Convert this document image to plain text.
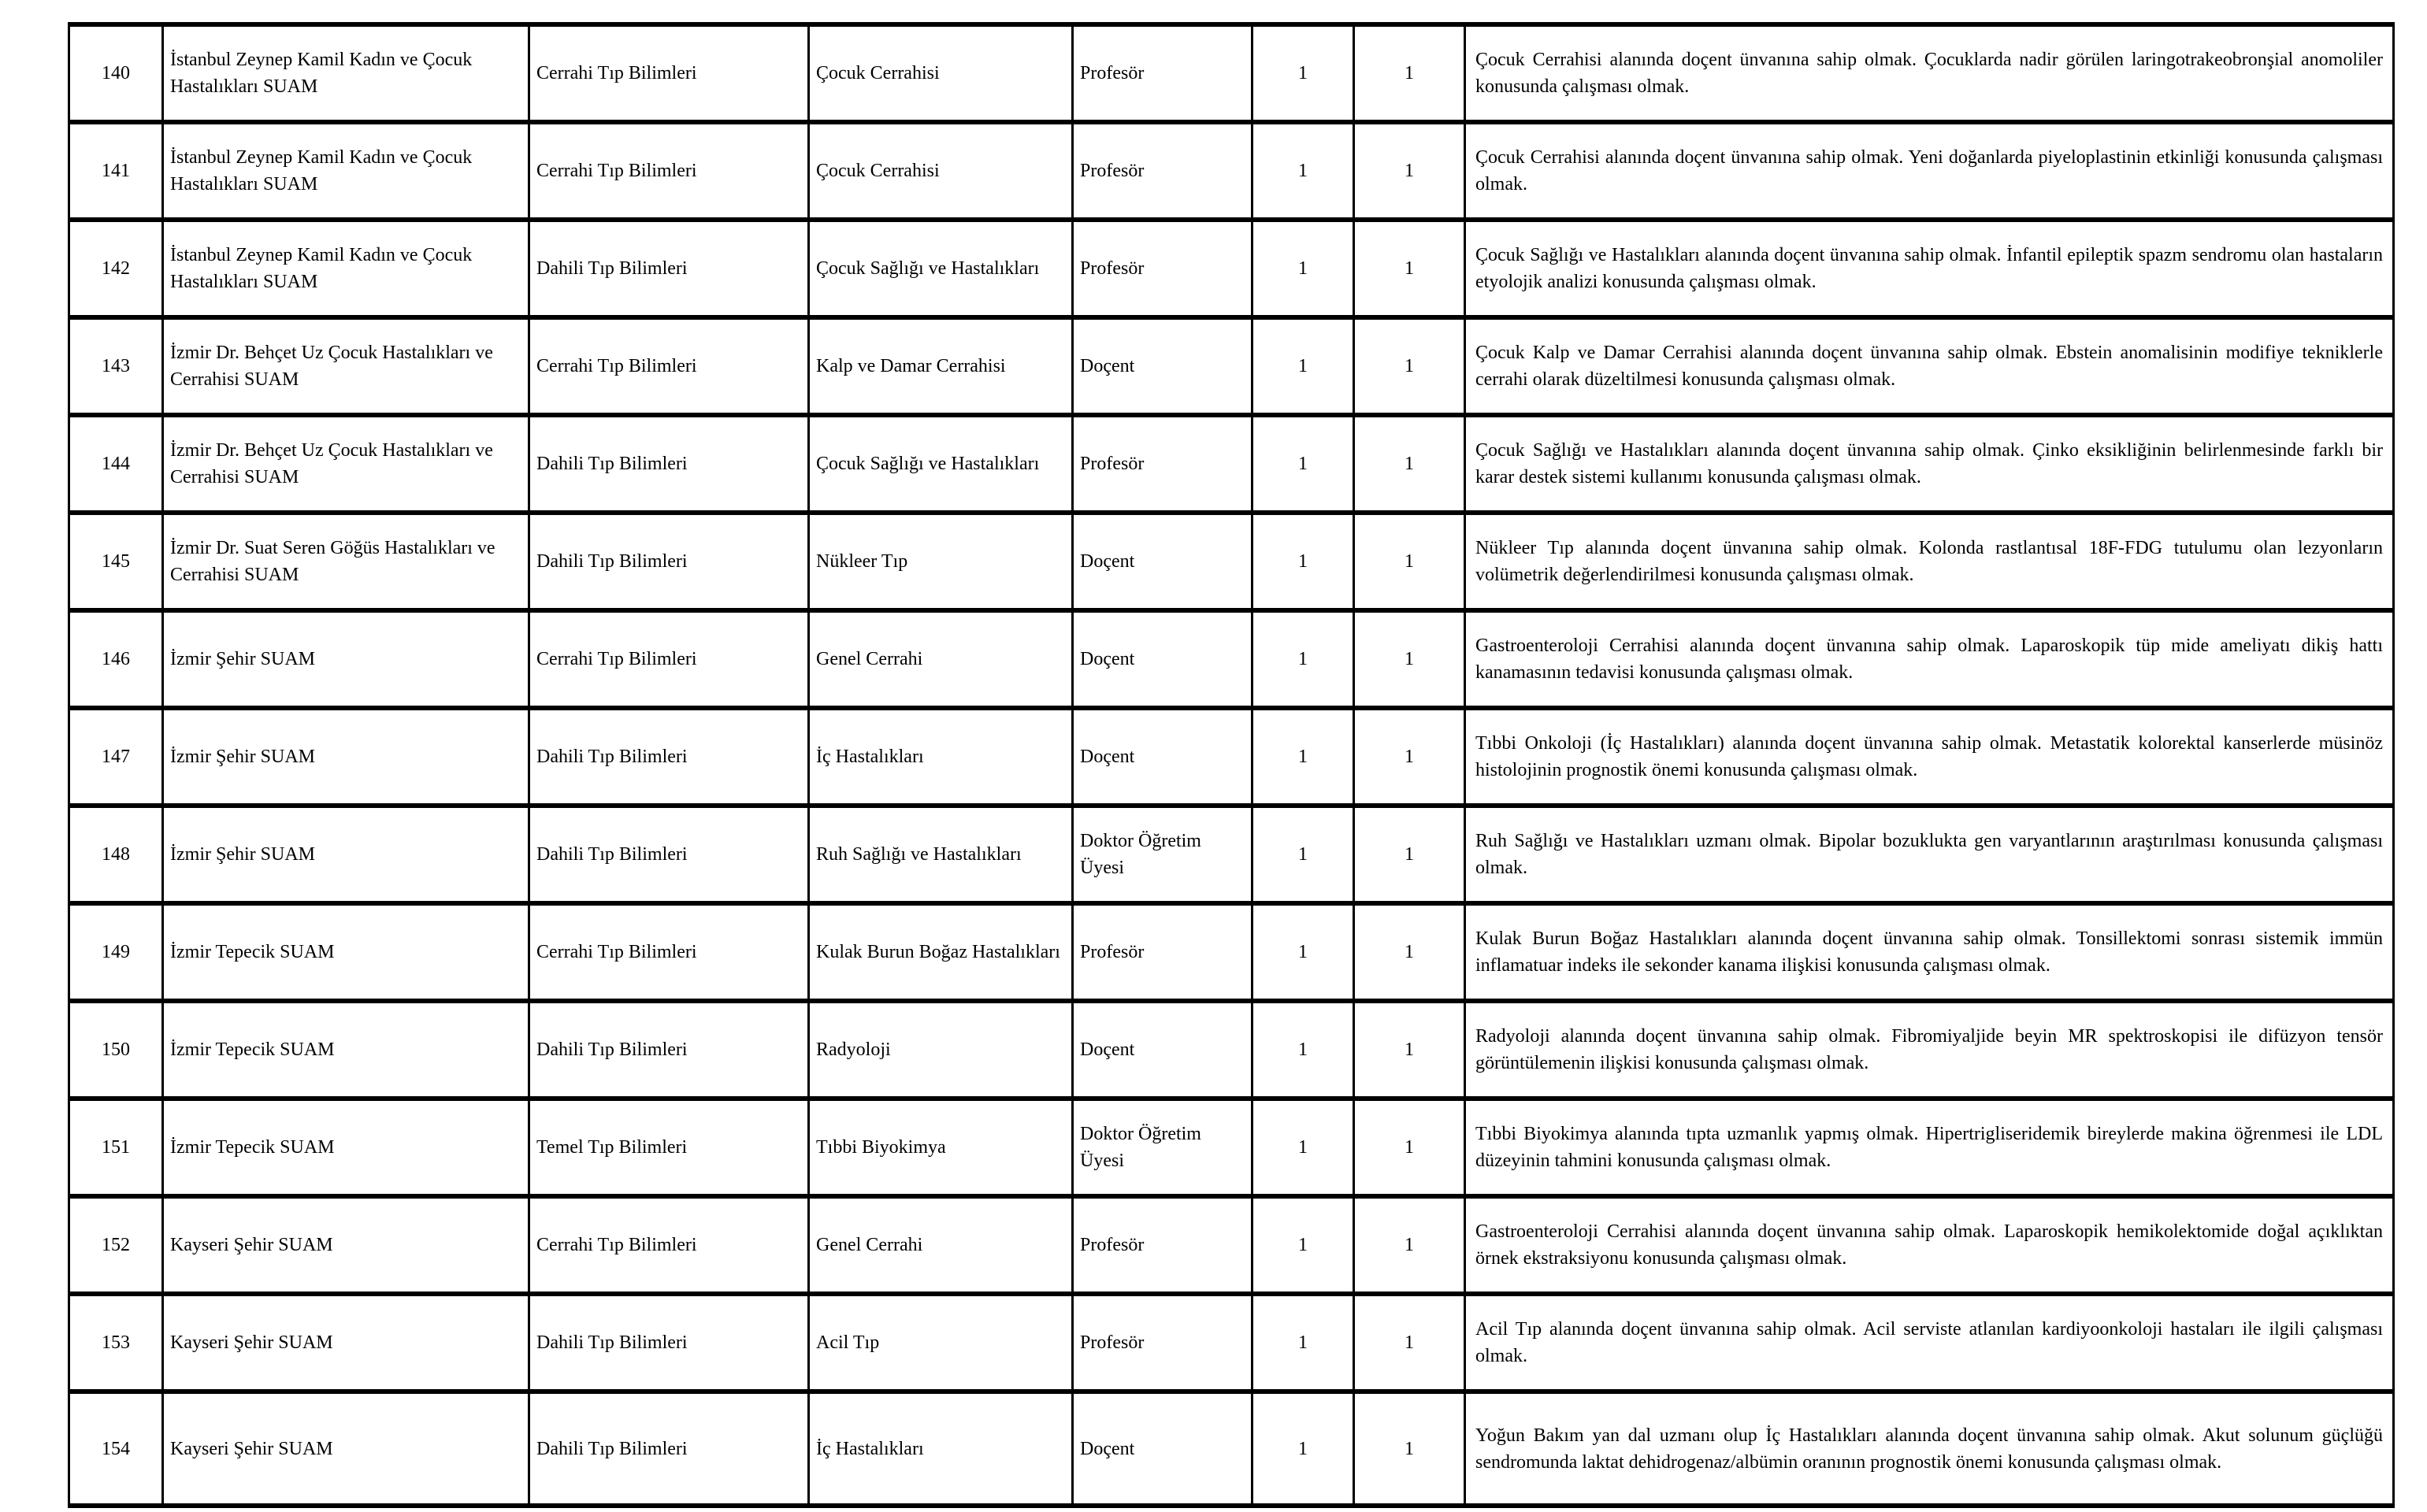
140	İstanbul Zeynep Kamil Kadın ve Çocuk Hastalıkları SUAM	Cerrahi Tıp Bilimleri	Çocuk Cerrahisi	Profesör	1	1	Çocuk Cerrahisi alanında doçent ünvanına sahip olmak. Çocuklarda nadir görülen laringotrakeobronşial anomoliler konusunda çalışması olmak.
141	İstanbul Zeynep Kamil Kadın ve Çocuk Hastalıkları SUAM	Cerrahi Tıp Bilimleri	Çocuk Cerrahisi	Profesör	1	1	Çocuk Cerrahisi alanında doçent ünvanına sahip olmak. Yeni doğanlarda piyeloplastinin etkinliği konusunda çalışması olmak.
142	İstanbul Zeynep Kamil Kadın ve Çocuk Hastalıkları SUAM	Dahili Tıp Bilimleri	Çocuk Sağlığı ve Hastalıkları	Profesör	1	1	Çocuk Sağlığı ve Hastalıkları alanında doçent ünvanına sahip olmak. İnfantil epileptik spazm sendromu olan hastaların etyolojik analizi konusunda çalışması olmak.
143	İzmir Dr. Behçet Uz Çocuk Hastalıkları ve Cerrahisi SUAM	Cerrahi Tıp Bilimleri	Kalp ve Damar Cerrahisi	Doçent	1	1	Çocuk Kalp ve Damar Cerrahisi alanında doçent ünvanına sahip olmak. Ebstein anomalisinin modifiye tekniklerle cerrahi olarak düzeltilmesi konusunda çalışması olmak.
144	İzmir Dr. Behçet Uz Çocuk Hastalıkları ve Cerrahisi SUAM	Dahili Tıp Bilimleri	Çocuk Sağlığı ve Hastalıkları	Profesör	1	1	Çocuk Sağlığı ve Hastalıkları alanında doçent ünvanına sahip olmak. Çinko eksikliğinin belirlenmesinde farklı bir karar destek sistemi kullanımı konusunda çalışması olmak.
145	İzmir Dr. Suat Seren Göğüs Hastalıkları ve Cerrahisi SUAM	Dahili Tıp Bilimleri	Nükleer Tıp	Doçent	1	1	Nükleer Tıp alanında doçent ünvanına sahip olmak. Kolonda rastlantısal 18F-FDG tutulumu olan lezyonların volümetrik değerlendirilmesi konusunda çalışması olmak.
146	İzmir Şehir SUAM	Cerrahi Tıp Bilimleri	Genel Cerrahi	Doçent	1	1	Gastroenteroloji Cerrahisi alanında doçent ünvanına sahip olmak. Laparoskopik tüp mide ameliyatı dikiş hattı kanamasının tedavisi konusunda çalışması olmak.
147	İzmir Şehir SUAM	Dahili Tıp Bilimleri	İç Hastalıkları	Doçent	1	1	Tıbbi Onkoloji (İç Hastalıkları) alanında doçent ünvanına sahip olmak. Metastatik kolorektal kanserlerde müsinöz histolojinin prognostik önemi konusunda çalışması olmak.
148	İzmir Şehir SUAM	Dahili Tıp Bilimleri	Ruh Sağlığı ve Hastalıkları	Doktor Öğretim Üyesi	1	1	Ruh Sağlığı ve Hastalıkları uzmanı olmak. Bipolar bozuklukta gen varyantlarının araştırılması konusunda çalışması olmak.
149	İzmir Tepecik SUAM	Cerrahi Tıp Bilimleri	Kulak Burun Boğaz Hastalıkları	Profesör	1	1	Kulak Burun Boğaz Hastalıkları alanında doçent ünvanına sahip olmak. Tonsillektomi sonrası sistemik immün inflamatuar indeks ile sekonder kanama ilişkisi konusunda çalışması olmak.
150	İzmir Tepecik SUAM	Dahili Tıp Bilimleri	Radyoloji	Doçent	1	1	Radyoloji alanında doçent ünvanına sahip olmak. Fibromiyaljide beyin MR spektroskopisi ile difüzyon tensör görüntülemenin ilişkisi konusunda çalışması olmak.
151	İzmir Tepecik SUAM	Temel Tıp Bilimleri	Tıbbi Biyokimya	Doktor Öğretim Üyesi	1	1	Tıbbi Biyokimya alanında tıpta uzmanlık yapmış olmak. Hipertrigliseridemik bireylerde makina öğrenmesi ile LDL düzeyinin tahmini konusunda çalışması olmak.
152	Kayseri Şehir SUAM	Cerrahi Tıp Bilimleri	Genel Cerrahi	Profesör	1	1	Gastroenteroloji Cerrahisi alanında doçent ünvanına sahip olmak. Laparoskopik hemikolektomide doğal açıklıktan örnek ekstraksiyonu konusunda çalışması olmak.
153	Kayseri Şehir SUAM	Dahili Tıp Bilimleri	Acil Tıp	Profesör	1	1	Acil Tıp alanında doçent ünvanına sahip olmak. Acil serviste atlanılan kardiyoonkoloji hastaları ile ilgili çalışması olmak.
154	Kayseri Şehir SUAM	Dahili Tıp Bilimleri	İç Hastalıkları	Doçent	1	1	Yoğun Bakım yan dal uzmanı olup İç Hastalıkları alanında doçent ünvanına sahip olmak. Akut solunum güçlüğü sendromunda laktat dehidrogenaz/albümin oranının prognostik önemi konusunda çalışması olmak.
